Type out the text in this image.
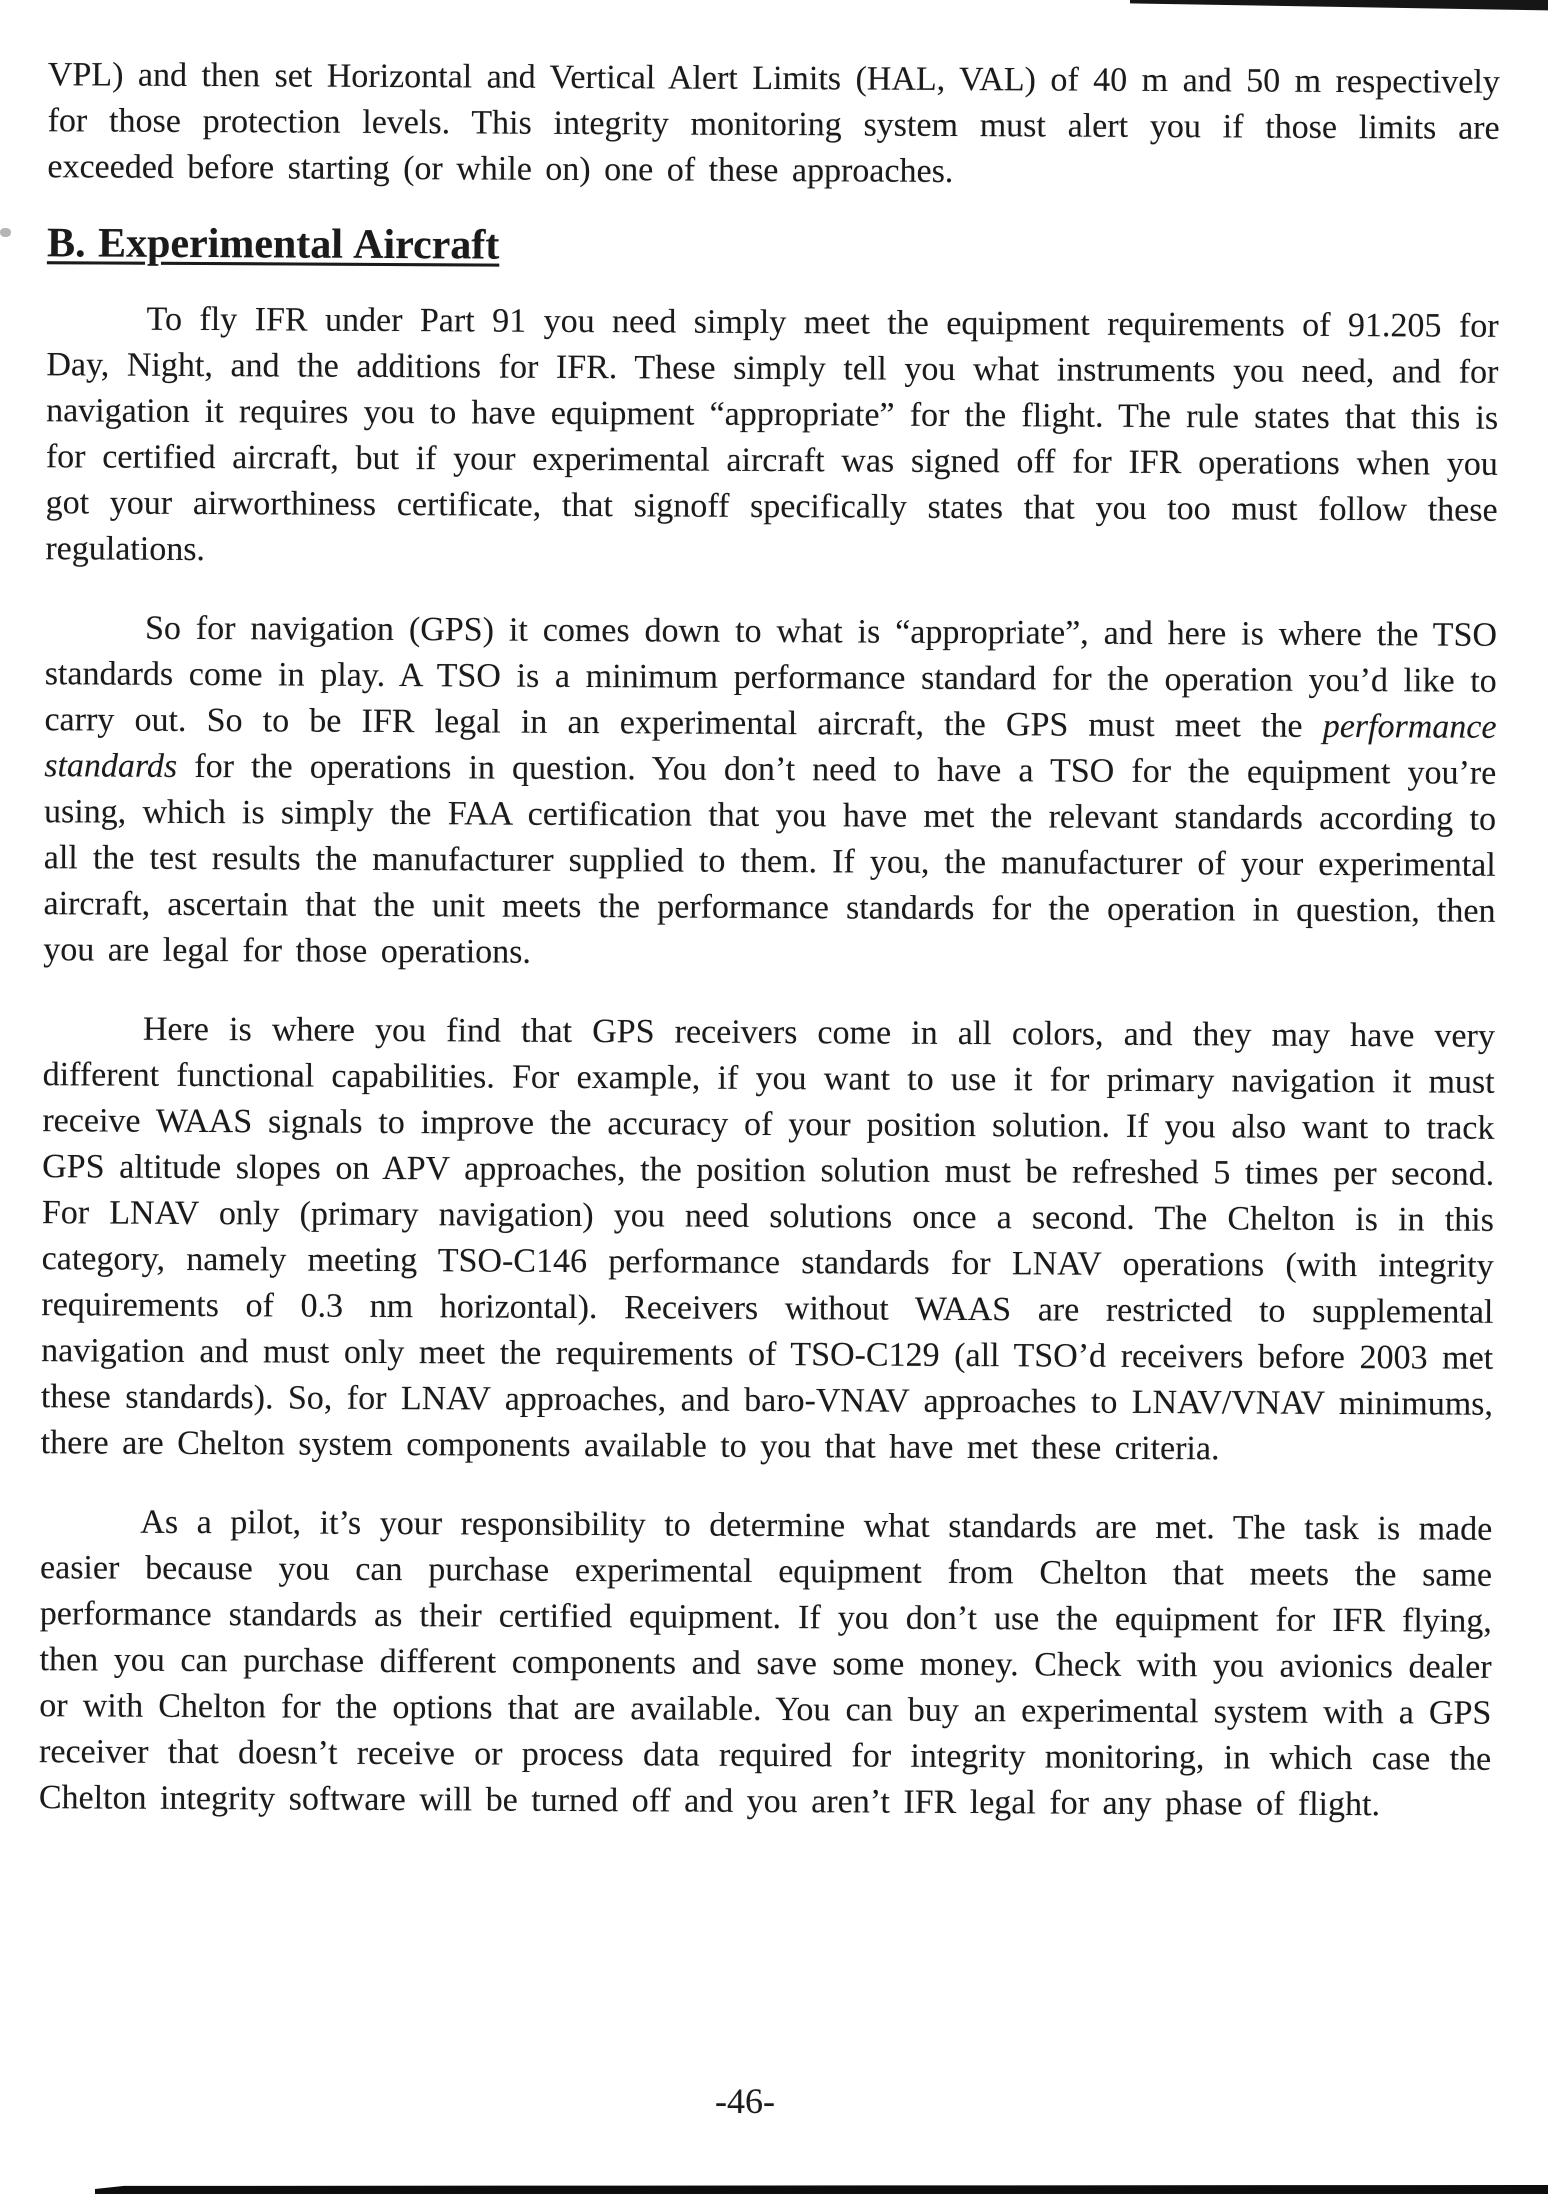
VPL) and then set Horizontal and Vertical Alert Limits (HAL, VAL) of 40 m and 50 m respectively for those protection levels. This integrity monitoring system must alert you if those limits are exceeded before starting (or while on) one of these approaches.

B. Experimental Aircraft

To fly IFR under Part 91 you need simply meet the equipment requirements of 91.205 for Day, Night, and the additions for IFR. These simply tell you what instruments you need, and for navigation it requires you to have equipment “appropriate” for the flight. The rule states that this is for certified aircraft, but if your experimental aircraft was signed off for IFR operations when you got your airworthiness certificate, that signoff specifically states that you too must follow these regulations.

So for navigation (GPS) it comes down to what is “appropriate”, and here is where the TSO standards come in play. A TSO is a minimum performance standard for the operation you’d like to carry out. So to be IFR legal in an experimental aircraft, the GPS must meet the performance standards for the operations in question. You don’t need to have a TSO for the equipment you’re using, which is simply the FAA certification that you have met the relevant standards according to all the test results the manufacturer supplied to them. If you, the manufacturer of your experimental aircraft, ascertain that the unit meets the performance standards for the operation in question, then you are legal for those operations.

Here is where you find that GPS receivers come in all colors, and they may have very different functional capabilities. For example, if you want to use it for primary navigation it must receive WAAS signals to improve the accuracy of your position solution. If you also want to track GPS altitude slopes on APV approaches, the position solution must be refreshed 5 times per second. For LNAV only (primary navigation) you need solutions once a second. The Chelton is in this category, namely meeting TSO-C146 performance standards for LNAV operations (with integrity requirements of 0.3 nm horizontal). Receivers without WAAS are restricted to supplemental navigation and must only meet the requirements of TSO-C129 (all TSO’d receivers before 2003 met these standards). So, for LNAV approaches, and baro-VNAV approaches to LNAV/VNAV minimums, there are Chelton system components available to you that have met these criteria.

As a pilot, it’s your responsibility to determine what standards are met. The task is made easier because you can purchase experimental equipment from Chelton that meets the same performance standards as their certified equipment. If you don’t use the equipment for IFR flying, then you can purchase different components and save some money. Check with you avionics dealer or with Chelton for the options that are available. You can buy an experimental system with a GPS receiver that doesn’t receive or process data required for integrity monitoring, in which case the Chelton integrity software will be turned off and you aren’t IFR legal for any phase of flight.

-46-
